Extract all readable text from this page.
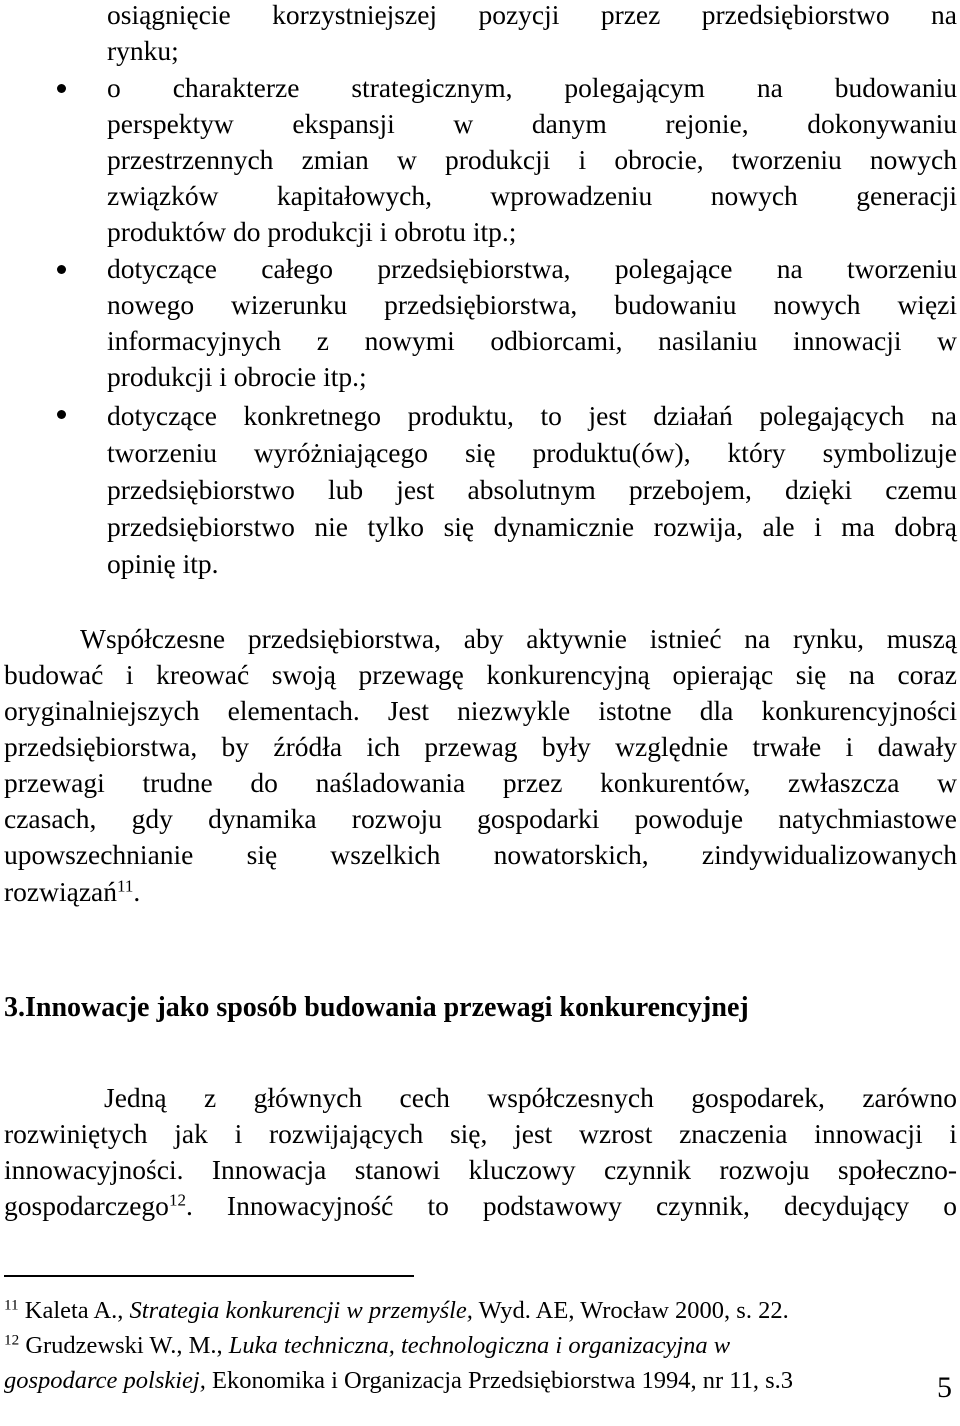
osiągnięcie korzystniejszej pozycji przez przedsiębiorstwo na
rynku;
o charakterze strategicznym, polegającym na budowaniu
perspektyw ekspansji w danym rejonie, dokonywaniu
przestrzennych zmian w produkcji i obrocie, tworzeniu nowych
związków kapitałowych, wprowadzeniu nowych generacji
produktów do produkcji i obrotu itp.;
dotyczące całego przedsiębiorstwa, polegające na tworzeniu
nowego wizerunku przedsiębiorstwa, budowaniu nowych więzi
informacyjnych z nowymi odbiorcami, nasilaniu innowacji w
produkcji i obrocie itp.;
dotyczące konkretnego produktu, to jest działań polegających na
tworzeniu wyróżniającego się produktu(ów), który symbolizuje
przedsiębiorstwo lub jest absolutnym przebojem, dzięki czemu
przedsiębiorstwo nie tylko się dynamicznie rozwija, ale i ma dobrą
opinię itp.
Współczesne przedsiębiorstwa, aby aktywnie istnieć na rynku, muszą
budować i kreować swoją przewagę konkurencyjną opierając się na coraz
oryginalniejszych elementach. Jest niezwykle istotne dla konkurencyjności
przedsiębiorstwa, by źródła ich przewag były względnie trwałe i dawały
przewagi trudne do naśladowania przez konkurentów, zwłaszcza w
czasach, gdy dynamika rozwoju gospodarki powoduje natychmiastowe
upowszechnianie się wszelkich nowatorskich, zindywidualizowanych
rozwiązań$^{11}$.
3.Innowacje jako sposób budowania przewagi konkurencyjnej
Jedną z głównych cech współczesnych gospodarek, zarówno
rozwiniętych jak i rozwijających się, jest wzrost znaczenia innowacji i
innowacyjności. Innowacja stanowi kluczowy czynnik rozwoju społeczno-
gospodarczego$^{12}$. Innowacyjność to podstawowy czynnik, decydujący o
$^{11}$ Kaleta A., Strategia konkurencji w przemyśle, Wyd. AE, Wrocław 2000, s. 22.
$^{12}$ Grudzewski W., M., Luka techniczna, technologiczna i organizacyjna w
gospodarce polskiej, Ekonomika i Organizacja Przedsiębiorstwa 1994, nr 11, s.3	5
